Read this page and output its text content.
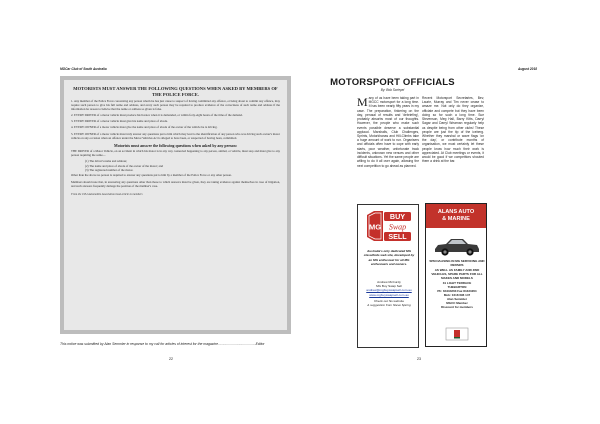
MGCar Club of South Australia
MOTORISTS MUST ANSWER THE FOLLOWING QUESTIONS WHEN ASKED BY MEMBERS OF THE POLICE FORCE.

1. Any member of the Police Force concerning any person whom he has just cause to suspect of having committed any offence, or being about to commit any offence, may require such person to give his full name and address, and every such person may be required to produce evidence of the correctness of such name and address if the information be reason to believe that the name or address so given is false.

2. EVERY DRIVER of a motor vehicle must produce his licence when it is demanded, or within forty-eight hours of the time of the demand.

3. EVERY DRIVER of a motor vehicle must give his name and place of abode.

4. EVERY OWNER of a motor vehicle must give the name and place of abode of the owner of the vehicle he is driving.

5. EVERY OWNER of a motor vehicle must truly answer any questions put to him which may lead to the identification of any person who was driving such owner's motor vehicle on any occasion when an offence under the Motor Vehicles Act is alleged to have been, or suspected of having been, committed.

Motorists must answer the following questions when asked by any person:

THE DRIVER of a Motor Vehicle, on an accident in which his motor is in any way connected happening to any person, animal, or vehicle, must stop and must give to any person requiring the same—

(1) The driver's name and address;
(2) The name and place of abode of the owner of the motor; and
(3) The registered number of the motor.

Other than the above no person is required to answer any questions put to him by a member of the Police Force or any other person.

Members should note that, in answering any questions other than those to which answers must be given, they are taking evidence against themselves in case of litigation, and such answers frequently damage the position of the member's case.

From the 1934 Automobile Association book article to members
This notice was submitted by Alan Semmler in response to my call for articles of interest for the magazine........................................Editor
22
August 2018
MOTORSPORT OFFICIALS
By: Bob Scriepel
M any of us have been taking part in MGCC motorsport for a long time. It has been nearly fifty years in my case. The preparation, tinkering on the day, perusal of results and 'debriefing', probably absorbs most of our thoughts. However, the people who make such events possible deserve a substantial applaud. Marshalls, Club Challenges, Sprints, Motorkhanas and Hill-Climbs take a huge amount of work to run. Organisers and officials often have to cope with early starts, poor weather, unfortunate track incidents, unknown new venues and other difficult situations. Yet the same people are willing to do it all over again, allowing the next competition to go ahead as planned.
Recent Motorsport Secretaries, Bev, Laurie, Murray and Tim never cease to amaze me. Not only do they organize, officiate and compete but they have been doing so for such a long time. Sue Stevenson, Meg Hall, Barry Kitts, Darryl Sagar and Darryl Wearnan regularly help us despite being from other clubs! These people are just the tip of the iceberg. Whether they marshal or wave flags 'on the day', or contribute months of organisation, we must certainly let these people know how much their work is appreciated. At Club meetings or events, it would be good if we competitors shouted them a drink at the bar.
MG
BUY
Swap
SELL
Australia's only dedicated MG classifieds web site, developed by an MG enthusiast for all MG enthusiasts and owners.
Andrew McCurdy
MG Buy Swap Sell
andrew@mgbuyswapsell.com.au
www.mgbuyswapsell.com.au
Check out his website
A suggestion from Steve Spring
ALANS AUTO
& MARINE
SPECIALISING IN MG SERVICING AND REPAIRS
AS WELL AS FAMILY AND 4WD VEHICLES, SPARE PARTS FOR ALL MAKES AND MODELS
31 LIGHT TERRACE
THEBARTON
Ph: 84434263 Fax 84434264
Mob: 0418 696 147
Alan Semmler
MGCC Member
Discount for members
23
